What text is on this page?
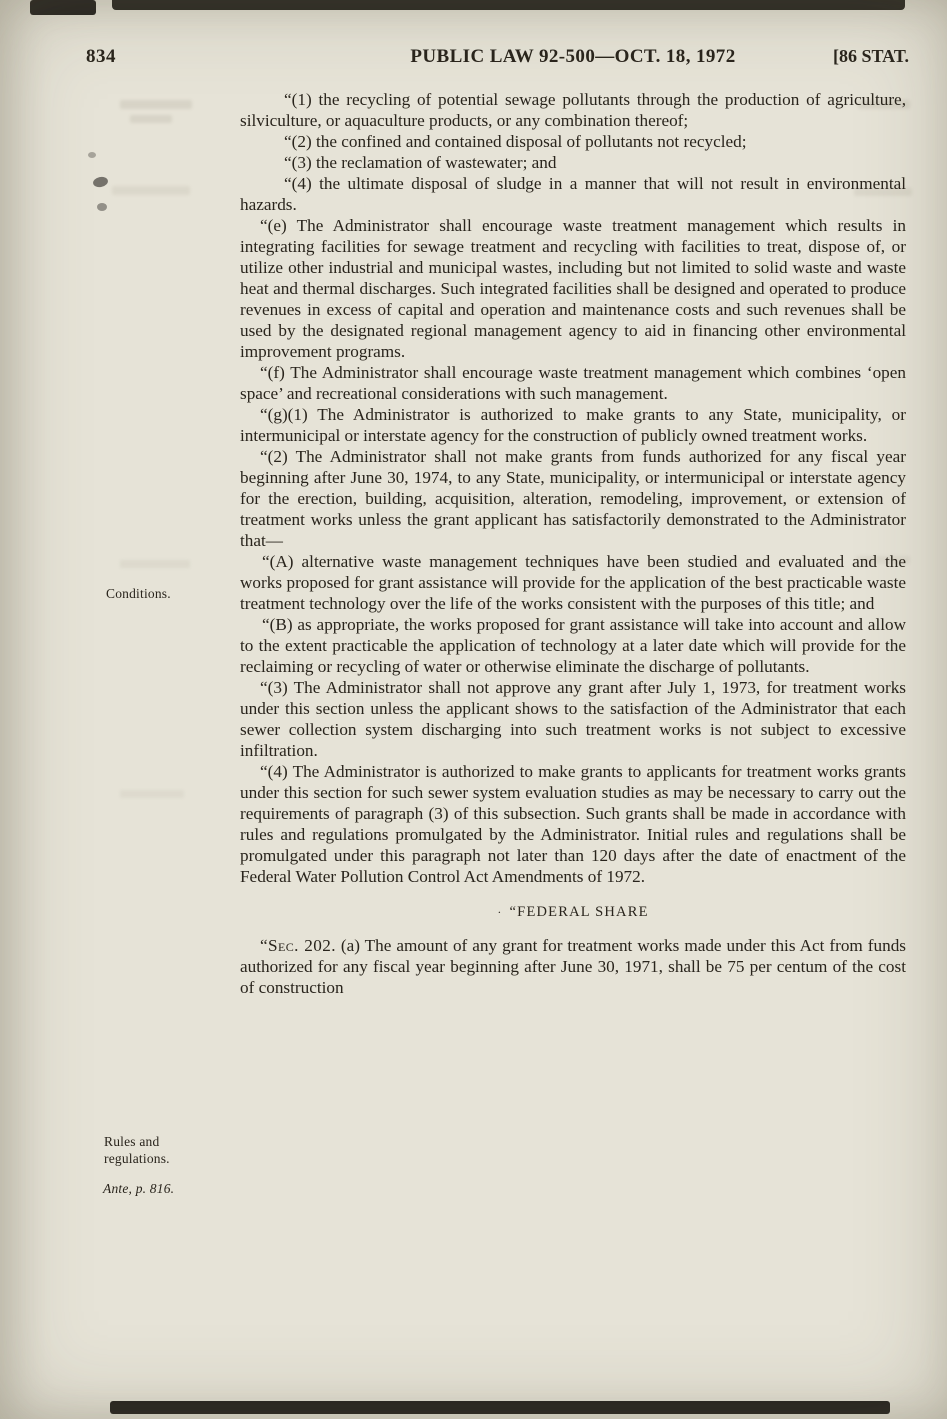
834	PUBLIC LAW 92-500—OCT. 18, 1972	[86 STAT.
Conditions.
Rules and regulations.
Ante, p. 816.

“(1) the recycling of potential sewage pollutants through the production of agriculture, silviculture, or aquaculture products, or any combination thereof;

“(2) the confined and contained disposal of pollutants not recycled;

“(3) the reclamation of wastewater; and

“(4) the ultimate disposal of sludge in a manner that will not result in environmental hazards.

“(e) The Administrator shall encourage waste treatment management which results in integrating facilities for sewage treatment and recycling with facilities to treat, dispose of, or utilize other industrial and municipal wastes, including but not limited to solid waste and waste heat and thermal discharges. Such integrated facilities shall be designed and operated to produce revenues in excess of capital and operation and maintenance costs and such revenues shall be used by the designated regional management agency to aid in financing other environmental improvement programs.

“(f) The Administrator shall encourage waste treatment management which combines ‘open space’ and recreational considerations with such management.

“(g)(1) The Administrator is authorized to make grants to any State, municipality, or intermunicipal or interstate agency for the construction of publicly owned treatment works.

“(2) The Administrator shall not make grants from funds authorized for any fiscal year beginning after June 30, 1974, to any State, municipality, or intermunicipal or interstate agency for the erection, building, acquisition, alteration, remodeling, improvement, or extension of treatment works unless the grant applicant has satisfactorily demonstrated to the Administrator that—

“(A) alternative waste management techniques have been studied and evaluated and the works proposed for grant assistance will provide for the application of the best practicable waste treatment technology over the life of the works consistent with the purposes of this title; and

“(B) as appropriate, the works proposed for grant assistance will take into account and allow to the extent practicable the application of technology at a later date which will provide for the reclaiming or recycling of water or otherwise eliminate the discharge of pollutants.

“(3) The Administrator shall not approve any grant after July 1, 1973, for treatment works under this section unless the applicant shows to the satisfaction of the Administrator that each sewer collection system discharging into such treatment works is not subject to excessive infiltration.

“(4) The Administrator is authorized to make grants to applicants for treatment works grants under this section for such sewer system evaluation studies as may be necessary to carry out the requirements of paragraph (3) of this subsection. Such grants shall be made in accordance with rules and regulations promulgated by the Administrator. Initial rules and regulations shall be promulgated under this paragraph not later than 120 days after the date of enactment of the Federal Water Pollution Control Act Amendments of 1972.

· “FEDERAL SHARE

“Sec. 202. (a) The amount of any grant for treatment works made under this Act from funds authorized for any fiscal year beginning after June 30, 1971, shall be 75 per centum of the cost of construction
